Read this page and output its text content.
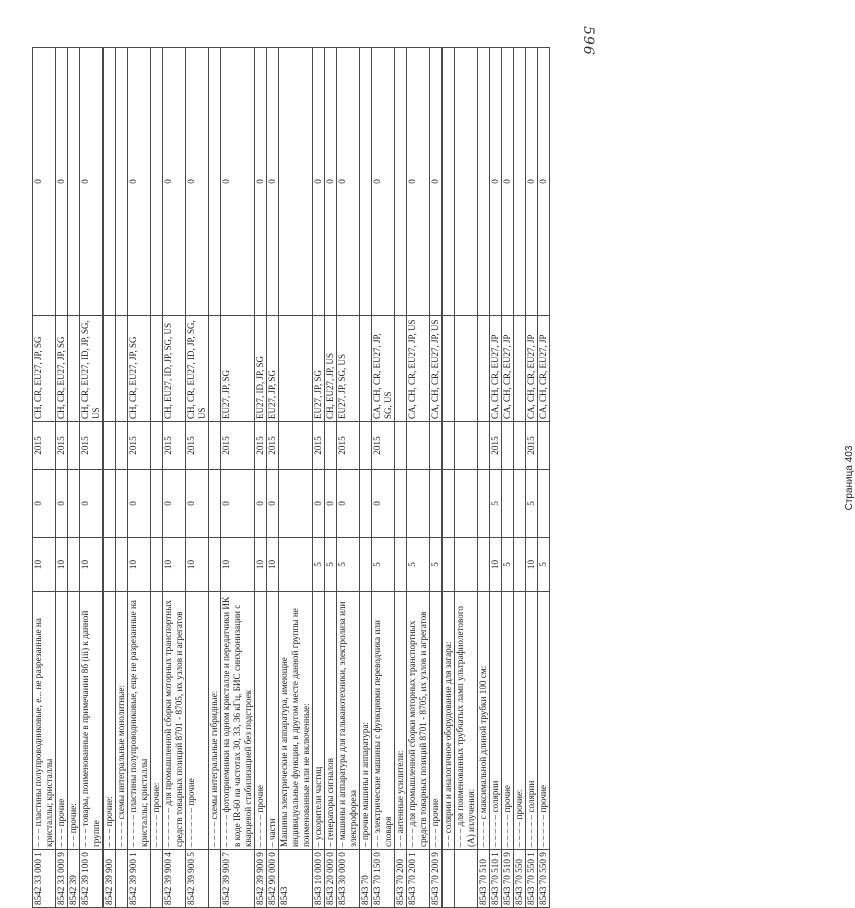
596
8542 33 000 1	– – – пластины полупроводниковые, е... не разрезанные на кристаллы; кристаллы	10	0	2015	CH, CR, EU27, JP, SG	0
8542 33 000 9	– – – прочие	10	0	2015	CH, CR, EU27, JP, SG	0
8542 39	– – прочие:					
8542 39 100 0	– – – товары, поименованные в примечании 8б (iii) к данной группе	10	0	2015	CH, CR, EU27, ID, JP, SG, US	0

8542 39 900	– – – прочие:					
	– – – – схемы интегральные монолитные:					
8542 39 900 1	– – – – – пластины полупроводниковые, еще не разрезанные на кристаллы; кристаллы	10	0	2015	CH, CR, EU27, JP, SG	0
	– – – – – прочие:					
8542 39 900 4	– – – – – – для промышленной сборки моторных транспортных средств товарных позиций 8701 - 8705, их узлов и агрегатов	10	0	2015	CH, EU27, ID, JP, SG, US	0
8542 39 900 5	– – – – – – прочие	10	0	2015	CH, CR, EU27, ID, JP, SG, US	0
	– – – – схемы интегральные гибридные:					
8542 39 900 7	– – – – – фотоприемники на одном кристалле и передатчики ИК в коде IR-60 на частотах 30, 33, 36 кГц, БИС синхронизации с кварцевой стабилизацией без подстроек	10	0	2015	EU27, JP, SG	0
8542 39 900 9	– – – – – прочие	10	0	2015	EU27, ID, JP, SG	0
8542 90 000 0	– части	10	0	2015	EU27, JP, SG	0
8543	Машины электрические и аппаратура, имеющие индивидуальные функции, в другом месте данной группы не поименованные или не включенные:					
8543 10 000 0	– ускорители частиц	5	0	2015	EU27, JP, SG	0
8543 20 000 0	– генераторы сигналов	5	0		CH, EU27, JP, US	0
8543 30 000 0	– машины и аппаратура для гальванотехники, электролиза или электрофореза	5	0	2015	EU27, JP, SG, US	0
8543 70	– прочие машины и аппаратура:					
8543 70 150 0	– – электрические машины с функциями переводчика или словаря	5	0	2015	CA, CH, CR, EU27, JP, SG, US	0
8543 70 200	– – антенные усилители:					
8543 70 200 1	– – – для промышленной сборки моторных транспортных средств товарных позиций 8701 - 8705, их узлов и агрегатов	5			CA, CH, CR, EU27, JP, US	0
8543 70 200 9	– – – прочие	5			CA, CH, CR, EU27, JP, US	0

	– – солярии и аналогичное оборудование для загара:					
	– – – для поименованных трубчатых ламп ультрафиолетового (А) излучения:					
8543 70 510	– – – – с максимальной длиной трубки 100 см:					
8543 70 510 1	– – – – – солярии	10	5	2015	CA, CH, CR, EU27, JP	0
8543 70 510 9	– – – – – прочие	5			CA, CH, CR, EU27, JP	0
8543 70 550	– – – – прочие:					
8543 70 550 1	– – – – – солярии	10	5	2015	CA, CH, CR, EU27, JP	0
8543 70 550 9	– – – – – прочие	5			CA, CH, CR, EU27, JP	0
Страница 403
